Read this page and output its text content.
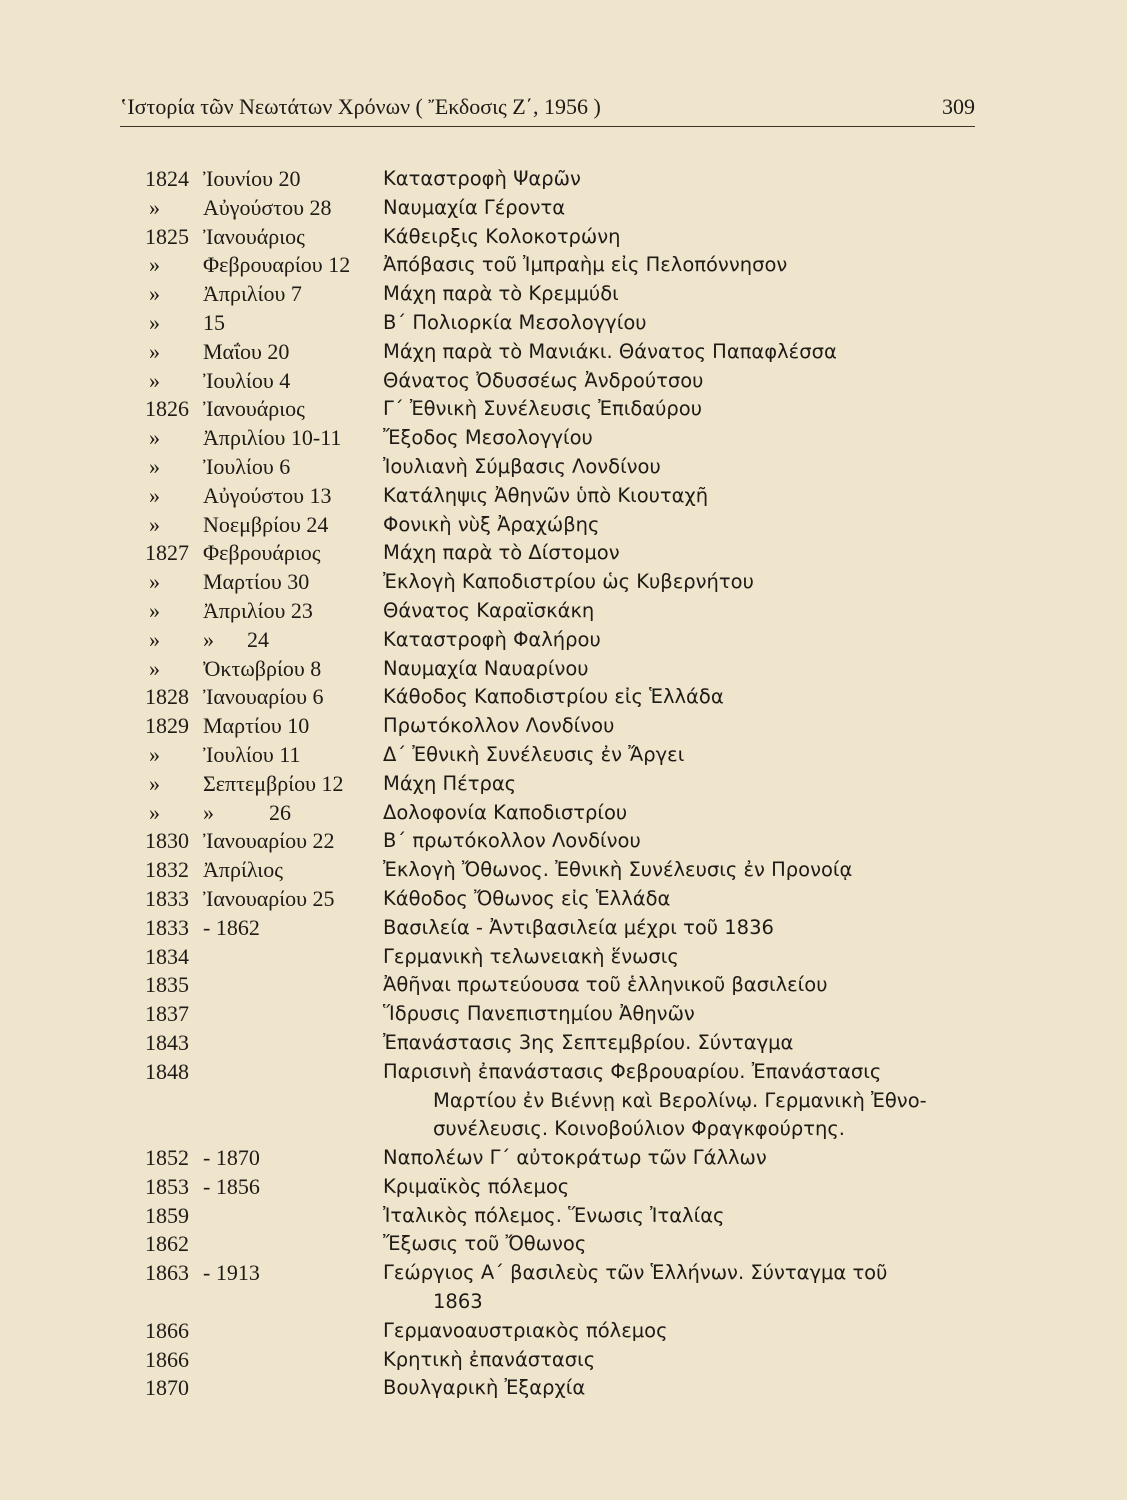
ʽΙστορία τῶν Νεωτάτων Χρόνων ( Ἔκδοσις Ζ΄, 1956 )	309
1824 Ἰουνίου 20	Καταστροφὴ Ψαρῶν
»	Αὐγούστου 28	Ναυμαχία Γέροντα
1825 Ἰανουάριος	Κάθειρξις Κολοκοτρώνη
»	Φεβρουαρίου 12 Ἀπόβασις τοῦ Ἰμπραὴμ εἰς Πελοπόννησον
»	Ἀπριλίου 7	Μάχη παρὰ τὸ Κρεμμύδι
»	15	Β΄ Πολιορκία Μεσολογγίου
»	Μαΐου 20	Μάχη παρὰ τὸ Μανιάκι. Θάνατος Παπαφλέσσα
»	Ἰουλίου 4	Θάνατος Ὀδυσσέως Ἀνδρούτσου
1826 Ἰανουάριος	Γ΄ Ἐθνικὴ Συνέλευσις Ἐπιδαύρου
»	Ἀπριλίου 10-11 Ἔξοδος Μεσολογγίου
»	Ἰουλίου 6	Ἰουλιανὴ Σύμβασις Λονδίνου
»	Αὐγούστου 13	Κατάληψις Ἀθηνῶν ὑπὸ Κιουταχῆ
»	Νοεμβρίου 24	Φονικὴ νὺξ Ἀραχώβης
1827 Φεβρουάριος	Μάχη παρὰ τὸ Δίστομον
»	Μαρτίου 30	Ἐκλογὴ Καποδιστρίου ὡς Κυβερνήτου
»	Ἀπριλίου 23	Θάνατος Καραϊσκάκη
»	»      24	Καταστροφὴ Φαλήρου
»	Ὀκτωβρίου 8	Ναυμαχία Ναυαρίνου
1828 Ἰανουαρίου 6	Κάθοδος Καποδιστρίου εἰς Ἑλλάδα
1829 Μαρτίου 10	Πρωτόκολλον Λονδίνου
»	Ἰουλίου 11	Δ΄ Ἐθνικὴ Συνέλευσις ἐν Ἄργει
»	Σεπτεμβρίου 12 Μάχη Πέτρας
»	»          26	Δολοφονία Καποδιστρίου
1830 Ἰανουαρίου 22 Β΄ πρωτόκολλον Λονδίνου
1832 Ἀπρίλιος	Ἐκλογὴ Ὄθωνος. Ἐθνικὴ Συνέλευσις ἐν Προνοίᾳ
1833 Ἰανουαρίου 25 Κάθοδος Ὄθωνος εἰς Ἑλλάδα
1833 - 1862	Βασιλεία - Ἀντιβασιλεία μέχρι τοῦ 1836
1834	Γερμανικὴ τελωνειακὴ ἕνωσις
1835	Ἀθῆναι πρωτεύουσα τοῦ ἑλληνικοῦ βασιλείου
1837	Ἵδρυσις Πανεπιστημίου Ἀθηνῶν
1843	Ἐπανάστασις 3ης Σεπτεμβρίου. Σύνταγμα
1848	Παρισινὴ ἐπανάστασις Φεβρουαρίου. Ἐπανάστασις
Μαρτίου ἐν Βιέννῃ καὶ Βερολίνῳ. Γερμανικὴ Ἐθνο-
συνέλευσις. Κοινοβούλιον Φραγκφούρτης.
1852 - 1870	Ναπολέων Γ΄ αὐτοκράτωρ τῶν Γάλλων
1853 - 1856	Κριμαϊκὸς πόλεμος
1859	Ἰταλικὸς πόλεμος. Ἕνωσις Ἰταλίας
1862	Ἔξωσις τοῦ Ὄθωνος
1863 - 1913	Γεώργιος Α΄ βασιλεὺς τῶν Ἑλλήνων. Σύνταγμα τοῦ
1863
1866	Γερμανοαυστριακὸς πόλεμος
1866	Κρητικὴ ἐπανάστασις
1870	Βουλγαρικὴ Ἐξαρχία
